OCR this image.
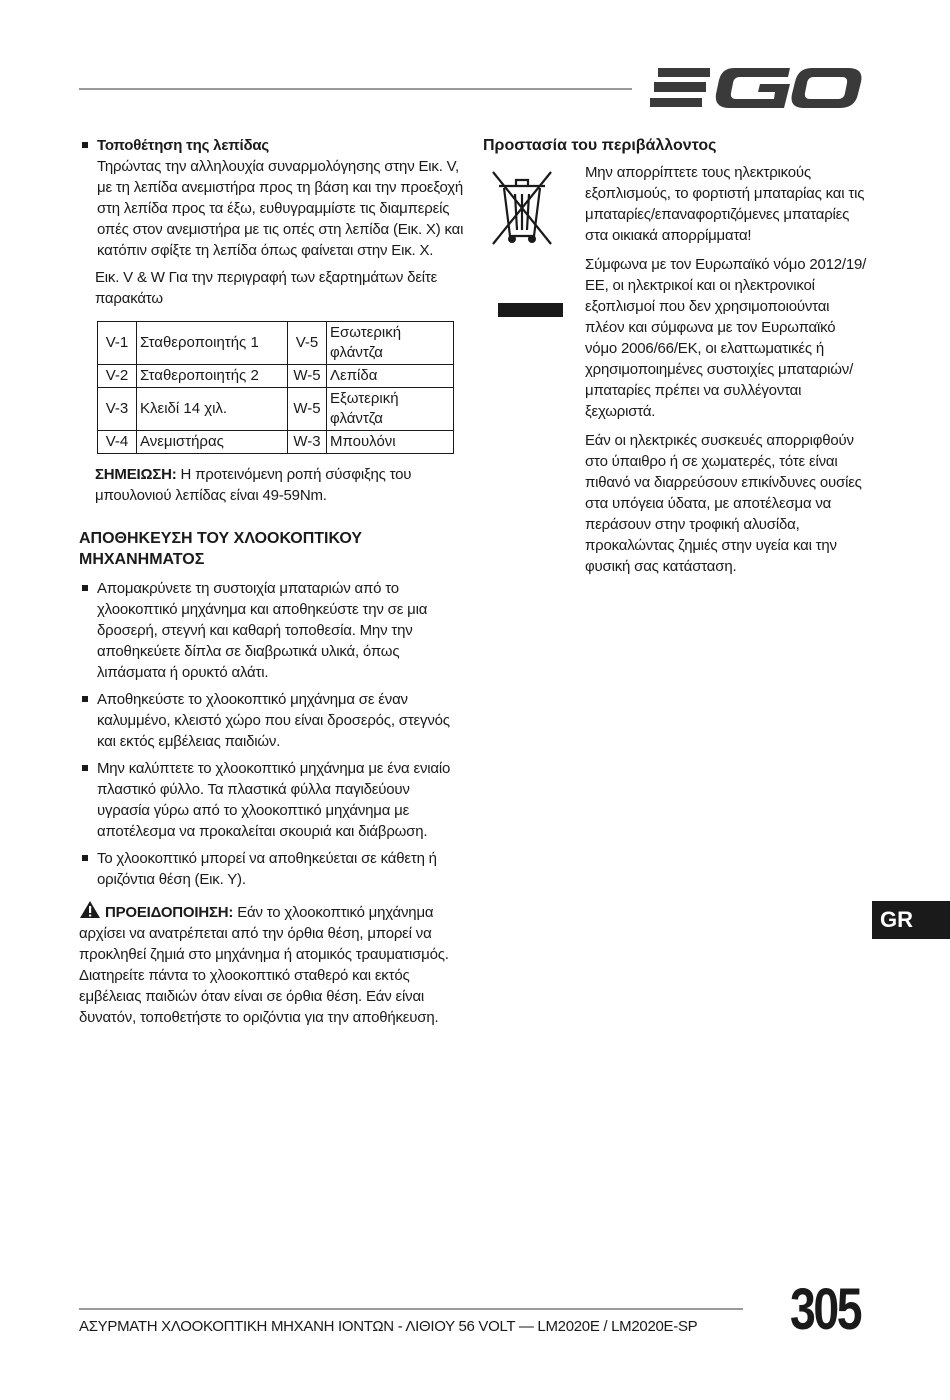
Τοποθέτηση της λεπίδας
Τηρώντας την αλληλουχία συναρμολόγησης στην Εικ. V, με τη λεπίδα ανεμιστήρα προς τη βάση και την προεξοχή στη λεπίδα προς τα έξω, ευθυγραμμίστε τις διαμπερείς οπές στον ανεμιστήρα με τις οπές στη λεπίδα (Εικ. Χ) και κατόπιν σφίξτε τη λεπίδα όπως φαίνεται στην Εικ. Χ.
Εικ. V & W Για την περιγραφή των εξαρτημάτων δείτε παρακάτω
V-1	Σταθεροποιητής 1	V-5	Εσωτερική φλάντζα
V-2	Σταθεροποιητής 2	W-5	Λεπίδα
V-3	Κλειδί 14 χιλ.	W-5	Εξωτερική φλάντζα
V-4	Ανεμιστήρας	W-3	Μπουλόνι
ΣΗΜΕΙΩΣΗ: Η προτεινόμενη ροπή σύσφιξης του μπουλονιού λεπίδας είναι 49-59Nm.
ΑΠΟΘΗΚΕΥΣΗ ΤΟΥ ΧΛΟΟΚΟΠΤΙΚΟΥ ΜΗΧΑΝΗΜΑΤΟΣ
Απομακρύνετε τη συστοιχία μπαταριών από το χλοοκοπτικό μηχάνημα και αποθηκεύστε την σε μια δροσερή, στεγνή και καθαρή τοποθεσία. Μην την αποθηκεύετε δίπλα σε διαβρωτικά υλικά, όπως λιπάσματα ή ορυκτό αλάτι.
Αποθηκεύστε το χλοοκοπτικό μηχάνημα σε έναν καλυμμένο, κλειστό χώρο που είναι δροσερός, στεγνός και εκτός εμβέλειας παιδιών.
Μην καλύπτετε το χλοοκοπτικό μηχάνημα με ένα ενιαίο πλαστικό φύλλο. Τα πλαστικά φύλλα παγιδεύουν υγρασία γύρω από το χλοοκοπτικό μηχάνημα με αποτέλεσμα να προκαλείται σκουριά και διάβρωση.
Το χλοοκοπτικό μπορεί να αποθηκεύεται σε κάθετη ή οριζόντια θέση (Εικ. Υ).
ΠΡΟΕΙΔΟΠΟΙΗΣΗ: Εάν το χλοοκοπτικό μηχάνημα αρχίσει να ανατρέπεται από την όρθια θέση, μπορεί να προκληθεί ζημιά στο μηχάνημα ή ατομικός τραυματισμός. Διατηρείτε πάντα το χλοοκοπτικό σταθερό και εκτός εμβέλειας παιδιών όταν είναι σε όρθια θέση. Εάν είναι δυνατόν, τοποθετήστε το οριζόντια για την αποθήκευση.
Προστασία του περιβάλλοντος

Μην απορρίπτετε τους ηλεκτρικούς εξοπλισμούς, το φορτιστή μπαταρίας και τις μπαταρίες/επαναφορτιζόμενες μπαταρίες στα οικιακά απορρίμματα!

Σύμφωνα με τον Ευρωπαϊκό νόμο 2012/19/ΕΕ, οι ηλεκτρικοί και οι ηλεκτρονικοί εξοπλισμοί που δεν χρησιμοποιούνται πλέον και σύμφωνα με τον Ευρωπαϊκό νόμο 2006/66/ΕΚ, οι ελαττωματικές ή χρησιμοποιημένες συστοιχίες μπαταριών/μπαταρίες πρέπει να συλλέγονται ξεχωριστά.

Εάν οι ηλεκτρικές συσκευές απορριφθούν στο ύπαιθρο ή σε χωματερές, τότε είναι πιθανό να διαρρεύσουν επικίνδυνες ουσίες στα υπόγεια ύδατα, με αποτέλεσμα να περάσουν στην τροφική αλυσίδα, προκαλώντας ζημιές στην υγεία και την φυσική σας κατάσταση.

GR
ΑΣΥΡΜΑΤΗ ΧΛΟΟΚΟΠΤΙΚΗ ΜΗΧΑΝΗ ΙΟΝΤΩΝ - ΛΙΘΙΟΥ 56 VOLT — LM2020E / LM2020E-SP 305
